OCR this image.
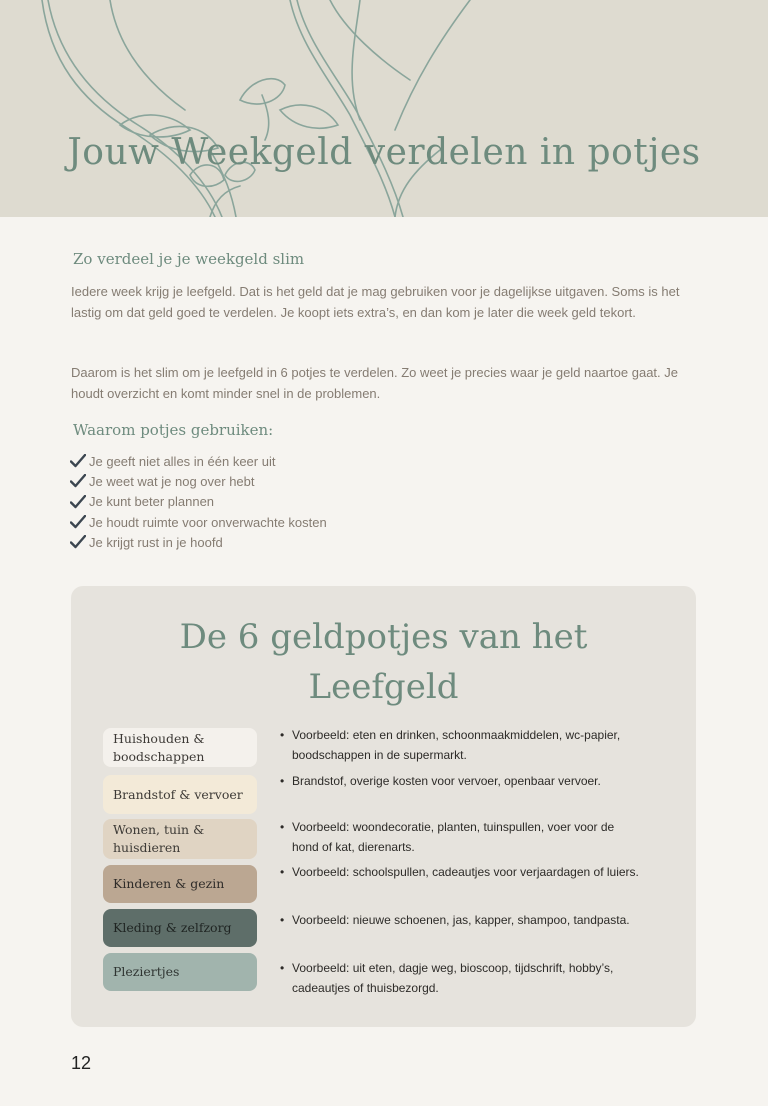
Jouw Weekgeld verdelen in potjes
Zo verdeel je je weekgeld slim

Iedere week krijg je leefgeld. Dat is het geld dat je mag gebruiken voor je dagelijkse uitgaven. Soms is het lastig om dat geld goed te verdelen. Je koopt iets extra’s, en dan kom je later die week geld tekort.

Daarom is het slim om je leefgeld in 6 potjes te verdelen. Zo weet je precies waar je geld naartoe gaat. Je houdt overzicht en komt minder snel in de problemen.

Waarom potjes gebruiken:
Je geeft niet alles in één keer uit
Je weet wat je nog over hebt
Je kunt beter plannen
Je houdt ruimte voor onverwachte kosten
Je krijgt rust in je hoofd
De 6 geldpotjes van het
Leefgeld
Huishouden & boodschappen
• Voorbeeld: eten en drinken, schoonmaakmiddelen, wc-papier, boodschappen in de supermarkt.
Brandstof & vervoer
• Brandstof, overige kosten voor vervoer, openbaar vervoer.
Wonen, tuin & huisdieren
• Voorbeeld: woondecoratie, planten, tuinspullen, voer voor de hond of kat, dierenarts.
Kinderen & gezin
• Voorbeeld: schoolspullen, cadeautjes voor verjaardagen of luiers.
Kleding & zelfzorg	• Voorbeeld: nieuwe schoenen, jas, kapper, shampoo, tandpasta.
Pleziertjes	• Voorbeeld: uit eten, dagje weg, bioscoop, tijdschrift, hobby’s, cadeautjes of thuisbezorgd.
12
